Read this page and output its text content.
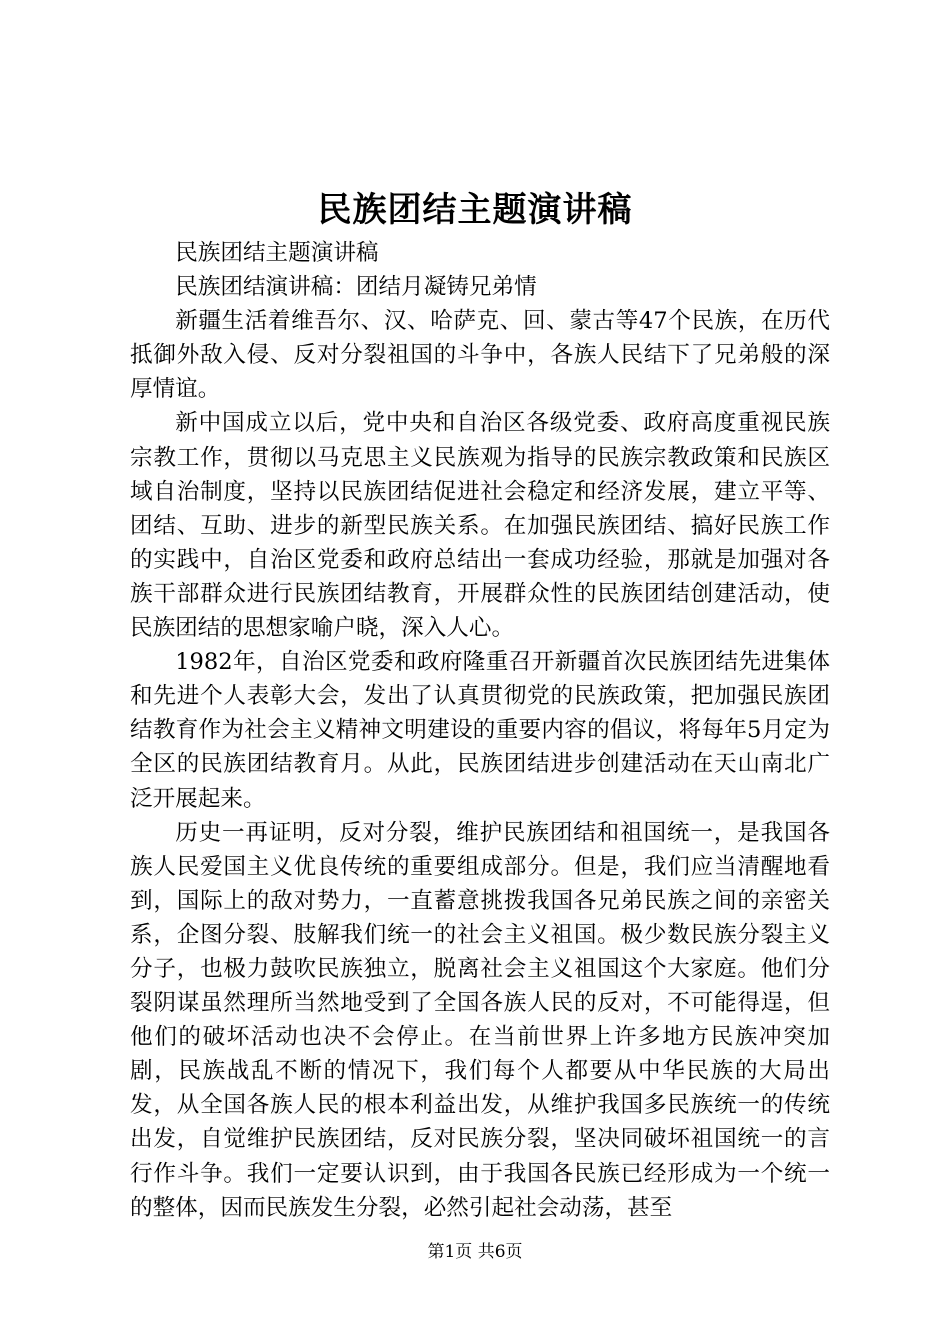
民族团结主题演讲稿

民族团结主题演讲稿

民族团结演讲稿：团结月凝铸兄弟情

新疆生活着维吾尔、汉、哈萨克、回、蒙古等47个民族，在历代抵御外敌入侵、反对分裂祖国的斗争中，各族人民结下了兄弟般的深厚情谊。

新中国成立以后，党中央和自治区各级党委、政府高度重视民族宗教工作，贯彻以马克思主义民族观为指导的民族宗教政策和民族区域自治制度，坚持以民族团结促进社会稳定和经济发展，建立平等、团结、互助、进步的新型民族关系。在加强民族团结、搞好民族工作的实践中，自治区党委和政府总结出一套成功经验，那就是加强对各族干部群众进行民族团结教育，开展群众性的民族团结创建活动，使民族团结的思想家喻户晓，深入人心。

1982年，自治区党委和政府隆重召开新疆首次民族团结先进集体和先进个人表彰大会，发出了认真贯彻党的民族政策，把加强民族团结教育作为社会主义精神文明建设的重要内容的倡议，将每年5月定为全区的民族团结教育月。从此，民族团结进步创建活动在天山南北广泛开展起来。

历史一再证明，反对分裂，维护民族团结和祖国统一，是我国各族人民爱国主义优良传统的重要组成部分。但是，我们应当清醒地看到，国际上的敌对势力，一直蓄意挑拨我国各兄弟民族之间的亲密关系，企图分裂、肢解我们统一的社会主义祖国。极少数民族分裂主义分子，也极力鼓吹民族独立，脱离社会主义祖国这个大家庭。他们分裂阴谋虽然理所当然地受到了全国各族人民的反对，不可能得逞，但他们的破坏活动也决不会停止。在当前世界上许多地方民族冲突加剧，民族战乱不断的情况下，我们每个人都要从中华民族的大局出发，从全国各族人民的根本利益出发，从维护我国多民族统一的传统出发，自觉维护民族团结，反对民族分裂，坚决同破坏祖国统一的言行作斗争。我们一定要认识到，由于我国各民族已经形成为一个统一的整体，因而民族发生分裂，必然引起社会动荡，甚至

第1页 共6页
